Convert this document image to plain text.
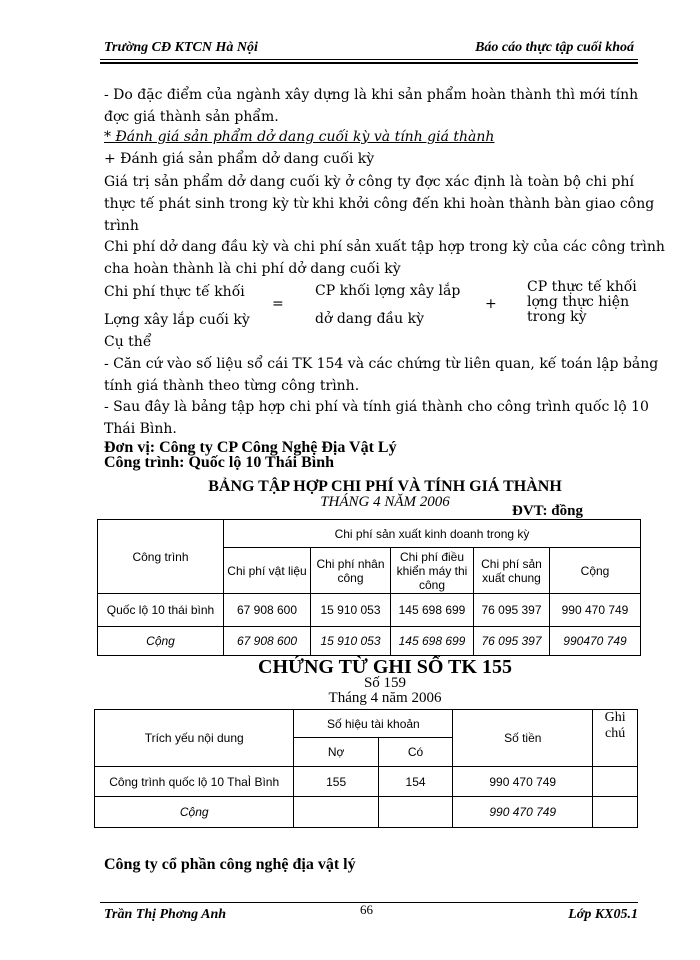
Trường CĐ KTCN Hà Nội	Báo cáo thực tập cuối khoá
- Do đặc điểm của ngành xây dựng là khi sản phẩm hoàn thành thì mới tính
đợc giá thành sản phẩm.
* Đánh giá sản phẩm dở dang cuối kỳ và tính giá thành
+ Đánh giá sản phẩm dở dang cuối kỳ
Giá trị sản phẩm dở dang cuối kỳ ở công ty đợc xác định là toàn bộ chi phí
thực tế phát sinh trong kỳ từ khi khởi công đến khi hoàn thành bàn giao công
trình
Chi phí dở dang đầu kỳ và chi phí sản xuất tập hợp trong kỳ của các công trình
cha hoàn thành là chi phí dở dang cuối kỳ
Chi phí thực tế khối
Lợng xây lắp cuối kỳ
=
CP khối lợng xây lắp
dở dang đầu kỳ
+
CP thực tế khối
lợng thực hiện
trong kỳ
Cụ thể
- Căn cứ vào số liệu sổ cái TK 154 và các chứng từ liên quan, kế toán lập bảng
tính giá thành theo từng công trình.
- Sau đây là bảng tập hợp chi phí và tính giá thành cho công trình quốc lộ 10
Thái Bình.
Đơn vị: Công ty CP Công Nghệ Địa Vật Lý
Công trình: Quốc lộ 10 Thái Bình
BẢNG TẬP HỢP CHI PHÍ VÀ TÍNH GIÁ THÀNH
THÁNG 4 NĂM 2006
ĐVT: đồng
Công trình	Chi phí sản xuất kinh doanh trong kỳ				
	Chi phí vật liệu	Chi phí nhân công	Chi phí điều khiển máy thi công	Chi phí sản xuất chung	Cộng
Quốc lộ 10 thái bình	67 908 600	15 910 053	145 698 699	76 095 397	990 470 749
Cộng	67 908 600	15 910 053	145 698 699	76 095 397	990470 749
CHỨNG TỪ GHI SỔ TK 155
Số 159
Tháng 4 năm 2006
Trích yếu nội dung	Số hiệu tài khoản		Số tiền	Ghi chú
	Nợ	Có		
Công trình quốc lộ 10 ThaÌ Bình	155	154	990 470 749	
Cộng			990 470 749	
Công ty cổ phần công nghệ địa vật lý
Trần Thị Phơng Anh	66	Lớp KX05.1
